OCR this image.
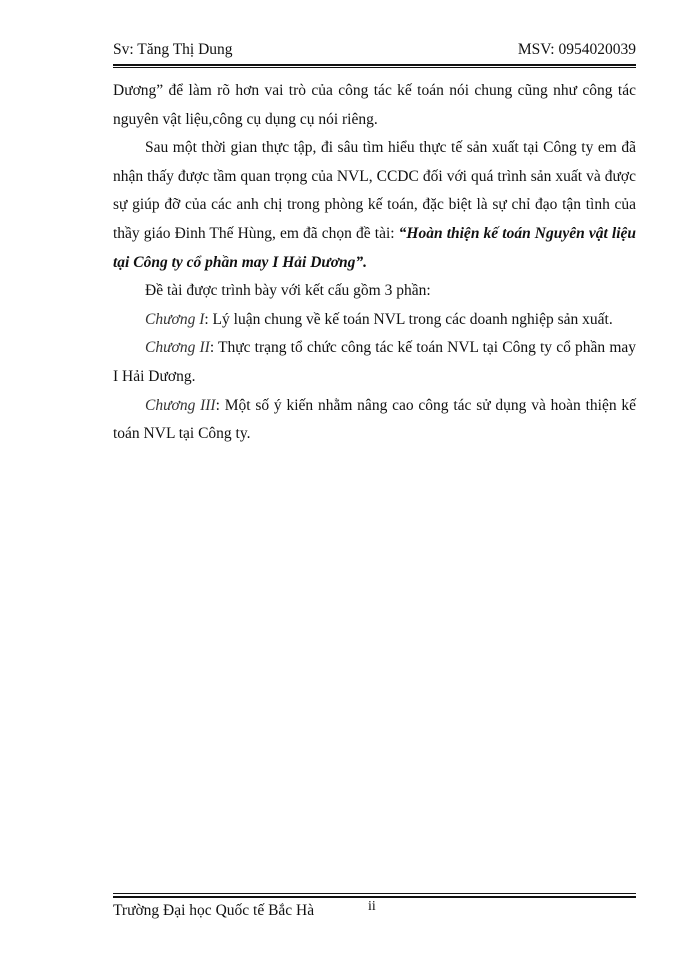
Sv: Tăng Thị Dung	MSV: 0954020039

Dương” để làm rõ hơn vai trò của công tác kế toán nói chung cũng như công tác nguyên vật liệu,công cụ dụng cụ nói riêng.

Sau một thời gian thực tập, đi sâu tìm hiểu thực tế sản xuất tại Công ty em đã nhận thấy được tầm quan trọng của NVL, CCDC đối với quá trình sản xuất và được sự giúp đỡ của các anh chị trong phòng kế toán, đặc biệt là sự chỉ đạo tận tình của thầy giáo Đinh Thế Hùng, em đã chọn đề tài: “Hoàn thiện kế toán Nguyên vật liệu tại Công ty cổ phần may I Hải Dương”.

Đề tài được trình bày với kết cấu gồm 3 phần:

Chương I: Lý luận chung về kế toán NVL trong các doanh nghiệp sản xuất.

Chương II: Thực trạng tổ chức công tác kế toán NVL tại Công ty cổ phần may I Hải Dương.

Chương III: Một số ý kiến nhằm nâng cao công tác sử dụng và hoàn thiện kế toán NVL tại Công ty.

Trường Đại học Quốc tế Bắc Hà	ii
